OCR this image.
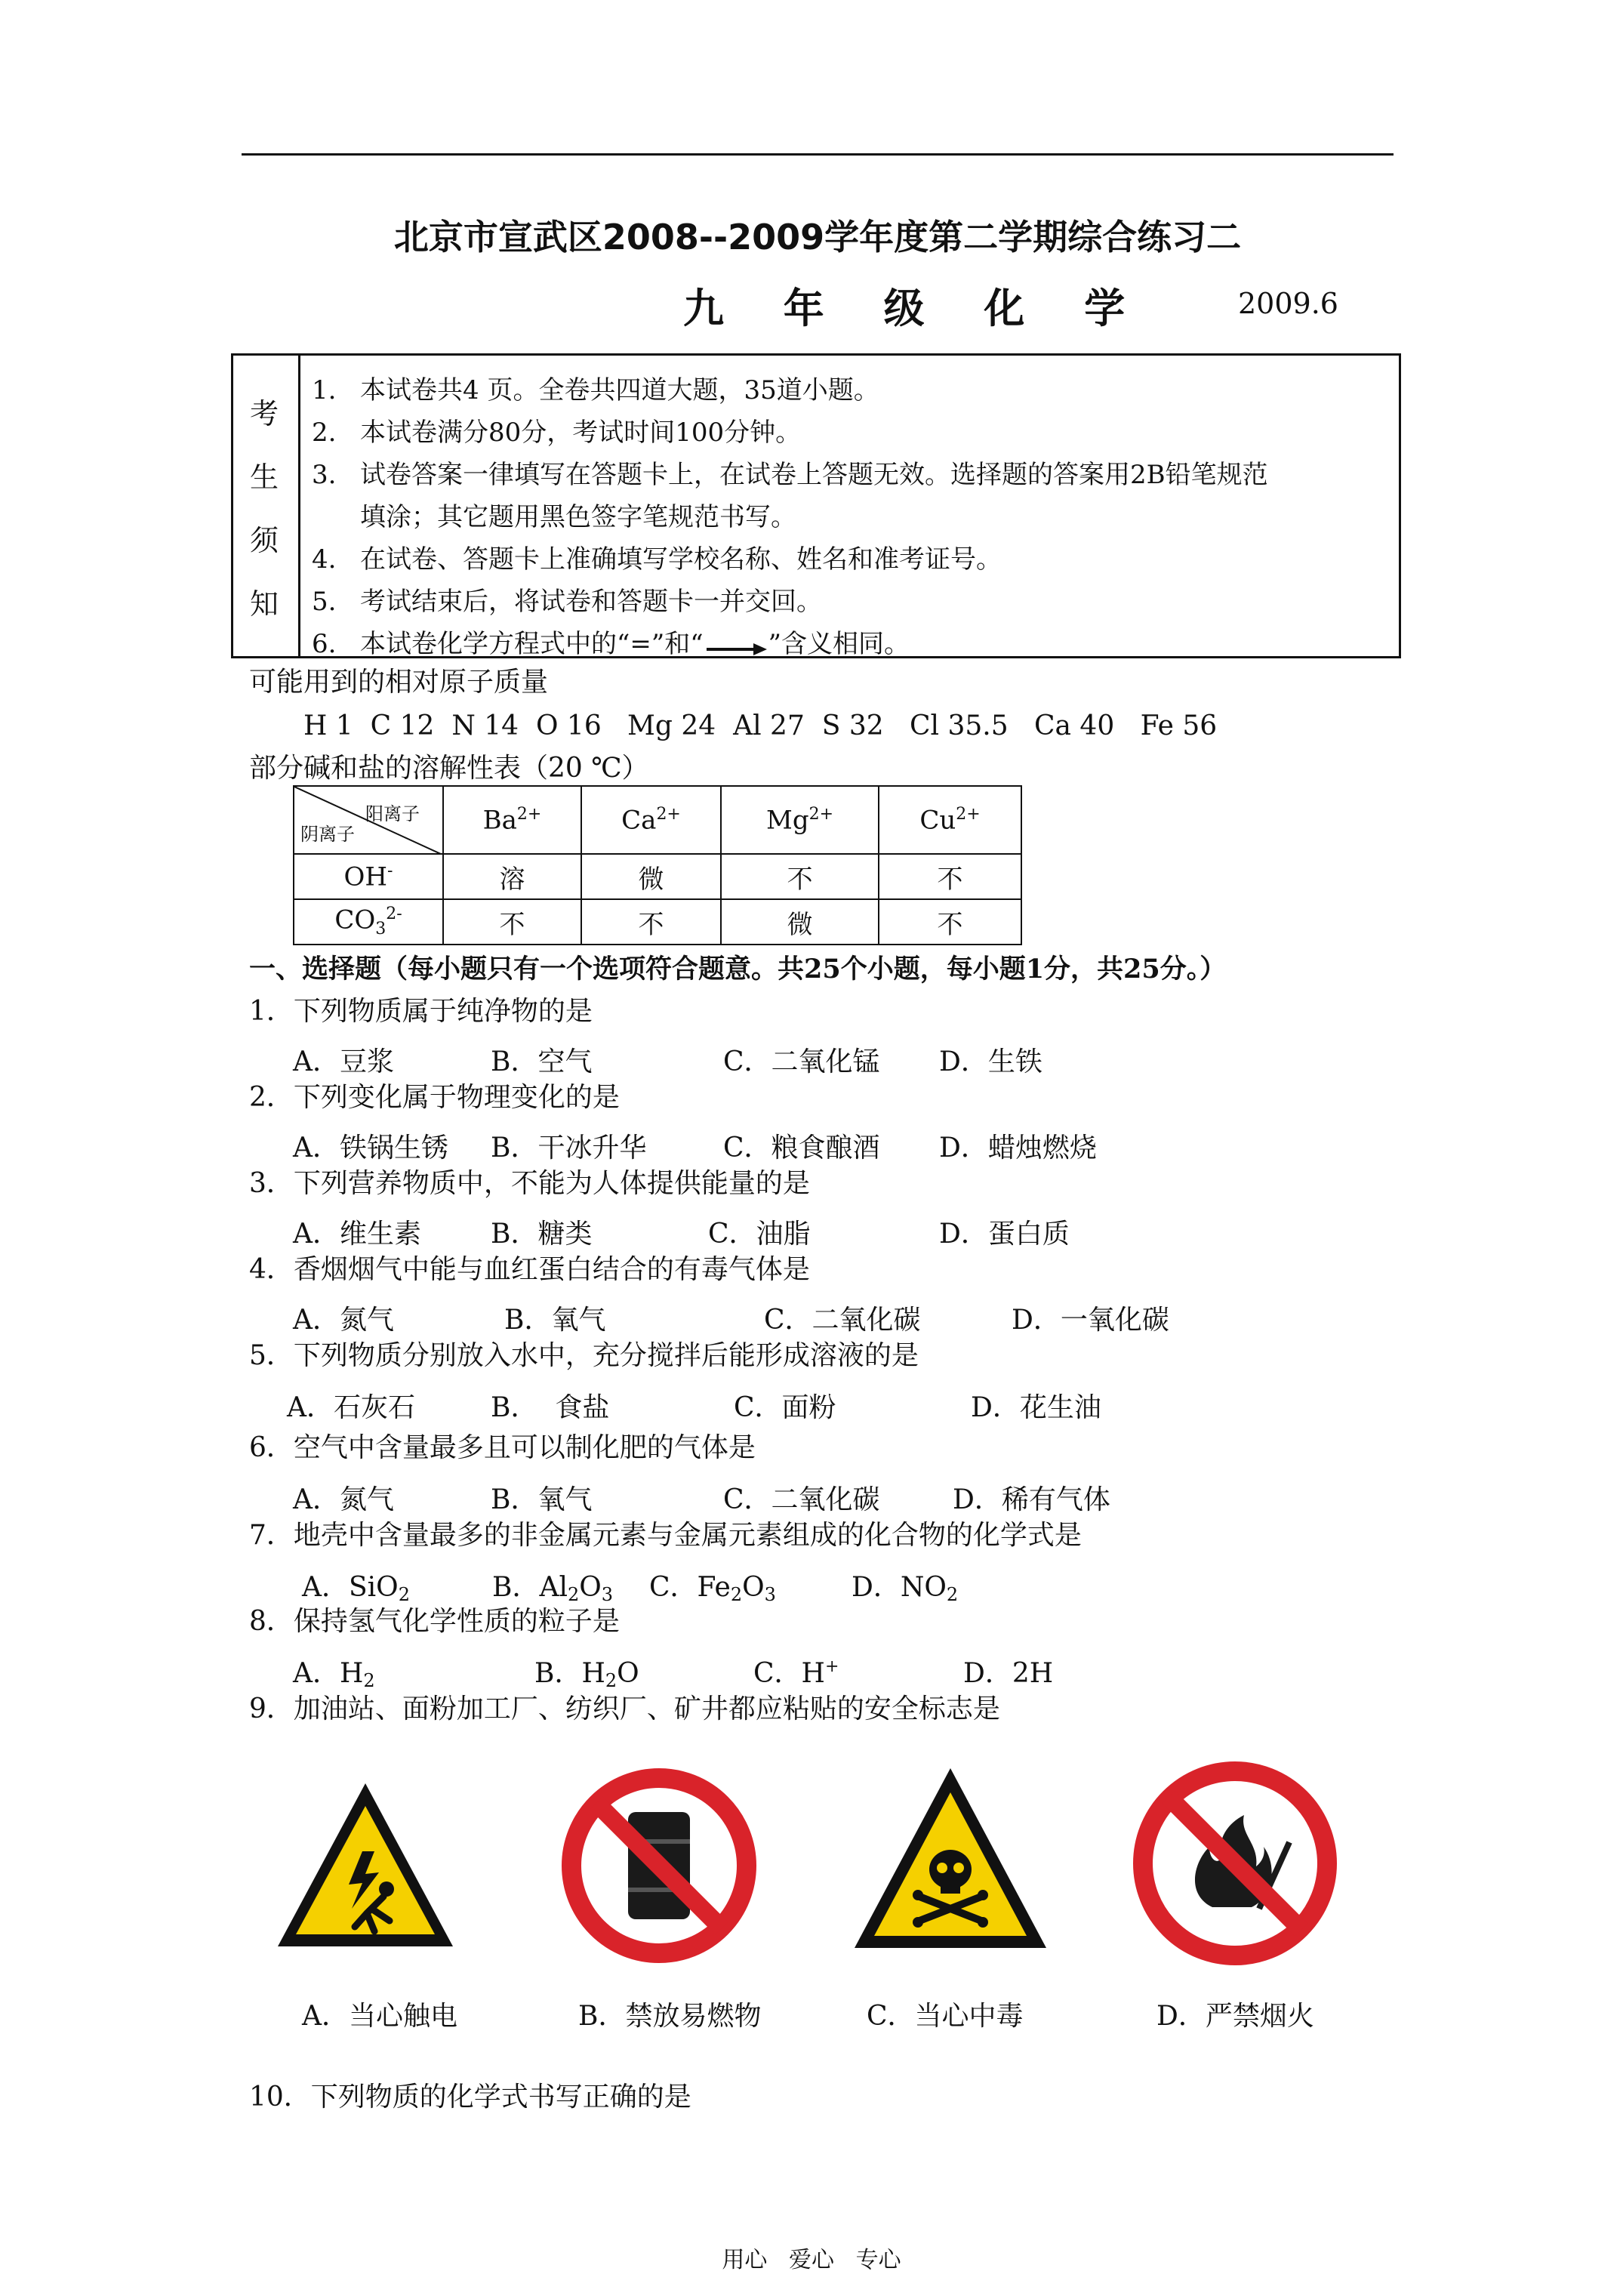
北京市宣武区2008--2009学年度第二学期综合练习二
九 年 级 化 学	2009.6
考
生
须
知
1. 本试卷共4 页。全卷共四道大题，35道小题。
2. 本试卷满分80分，考试时间100分钟。
3. 试卷答案一律填写在答题卡上，在试卷上答题无效。选择题的答案用2B铅笔规范
填涂；其它题用黑色签字笔规范书写。
4. 在试卷、答题卡上准确填写学校名称、姓名和准考证号。
5. 考试结束后，将试卷和答题卡一并交回。
6. 本试卷化学方程式中的“=”和“	”含义相同。
可能用到的相对原子质量
H 1  C 12  N 14  O 16   Mg 24  Al 27  S 32   Cl 35.5   Ca 40   Fe 56
部分碱和盐的溶解性表（20 ℃）
阳离子
阴离子	$Ba^{2+}$	$Ca^{2+}$	$Mg^{2+}$	$Cu^{2+}$
OH-	溶	微	不	不
$CO_3^{2-}$	不	不	微	不
一、选择题（每小题只有一个选项符合题意。共25个小题，每小题1分，共25分。）
1．下列物质属于纯净物的是
A．豆浆	B．空气	C．二氧化锰 D．生铁
2．下列变化属于物理变化的是
A．铁锅生锈 B．干冰升华	C．粮食酿酒 D．蜡烛燃烧
3．下列营养物质中，不能为人体提供能量的是
A．维生素	B．糖类	C．油脂	D．蛋白质
4．香烟烟气中能与血红蛋白结合的有毒气体是
A．氮气	B．氧气	C．二氧化碳	D．一氧化碳
5．下列物质分别放入水中，充分搅拌后能形成溶液的是
A．石灰石	B．  食盐	C．面粉	D．花生油
6．空气中含量最多且可以制化肥的气体是
A．氮气	B．氧气	C．二氧化碳	D．稀有气体
7．地壳中含量最多的非金属元素与金属元素组成的化合物的化学式是
A．SiO$_2$	B．$Al_2O_3$ C．$Fe_2O_3$	D．$NO_2$
8．保持氢气化学性质的粒子是
A．$H_2$	B．$H_2O$	C．H+	D．2H
9．加油站、面粉加工厂、纺织厂、矿井都应粘贴的安全标志是
A．当心触电	B．禁放易燃物	C．当心中毒	D．严禁烟火
10．下列物质的化学式书写正确的是
用心   爱心   专心
